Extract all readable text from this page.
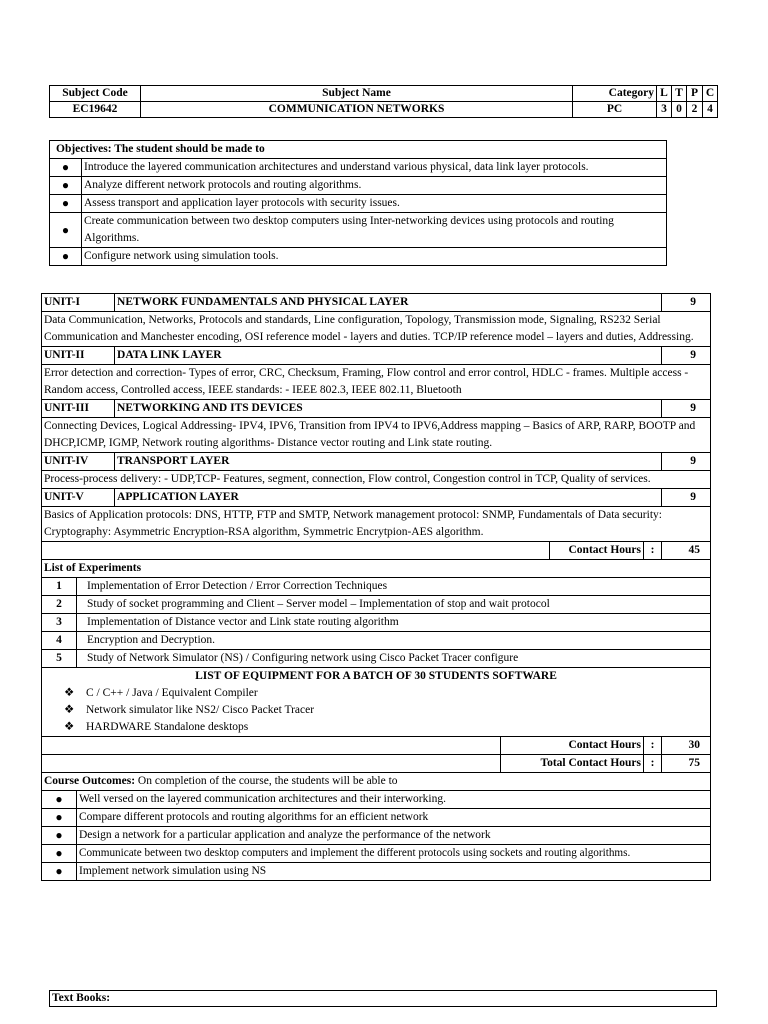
Subject Code	Subject Name	Category	L	T	P	C
EC19642	COMMUNICATION NETWORKS	PC	3	0	2	4
Objectives: The student should be made to	
●	Introduce the layered communication architectures and understand various physical, data link layer protocols.
●	Analyze different network protocols and routing algorithms.
●	Assess transport and application layer protocols with security issues.
●	Create communication between two desktop computers using Inter-networking devices using protocols and routing Algorithms.
●	Configure network using simulation tools.
UNIT-I		NETWORK FUNDAMENTALS AND PHYSICAL LAYER				9
Data Communication, Networks, Protocols and standards, Line configuration, Topology, Transmission mode, Signaling, RS232 Serial Communication and Manchester encoding, OSI reference model - layers and duties. TCP/IP reference model – layers and duties, Addressing.						
UNIT-II		DATA LINK LAYER				9
Error detection and correction- Types of error, CRC, Checksum, Framing, Flow control and error control, HDLC - frames. Multiple access - Random access, Controlled access, IEEE standards: - IEEE 802.3, IEEE 802.11, Bluetooth						
UNIT-III		NETWORKING AND ITS DEVICES				9
Connecting Devices, Logical Addressing- IPV4, IPV6, Transition from IPV4 to IPV6,Address mapping – Basics of ARP, RARP, BOOTP and DHCP,ICMP, IGMP, Network routing algorithms- Distance vector routing and Link state routing.						
UNIT-IV		TRANSPORT LAYER				9
Process-process delivery: - UDP,TCP- Features, segment, connection, Flow control, Congestion control in TCP, Quality of services.						
UNIT-V		APPLICATION LAYER				9
Basics of Application protocols: DNS, HTTP, FTP and SMTP, Network management protocol: SNMP, Fundamentals of Data security: Cryptography: Asymmetric Encryption-RSA algorithm, Symmetric Encrytpion-AES algorithm.						
				Contact Hours	:	45
List of Experiments						
1	Implementation of Error Detection / Error Correction Techniques					
2	Study of socket programming and Client – Server model – Implementation of stop and wait protocol					
3	Implementation of Distance vector and Link state routing algorithm					
4	Encryption and Decryption.					
5	Study of Network Simulator (NS) / Configuring network using Cisco Packet Tracer configure					

LIST OF EQUIPMENT FOR A BATCH OF 30 STUDENTS SOFTWARE
❖ C / C++ / Java / Equivalent Compiler
❖ Network simulator like NS2/ Cisco Packet Tracer
❖ HARDWARE Standalone desktops						

			Contact Hours		:	30
			Total Contact Hours		:	75
Course Outcomes: On completion of the course, the students will be able to						
●	Well versed on the layered communication architectures and their interworking.					
●	Compare different protocols and routing algorithms for an efficient network					
●	Design a network for a particular application and analyze the performance of the network					
●	Communicate between two desktop computers and implement the different protocols using sockets and routing algorithms.					
●	Implement network simulation using NS					
Text Books:
